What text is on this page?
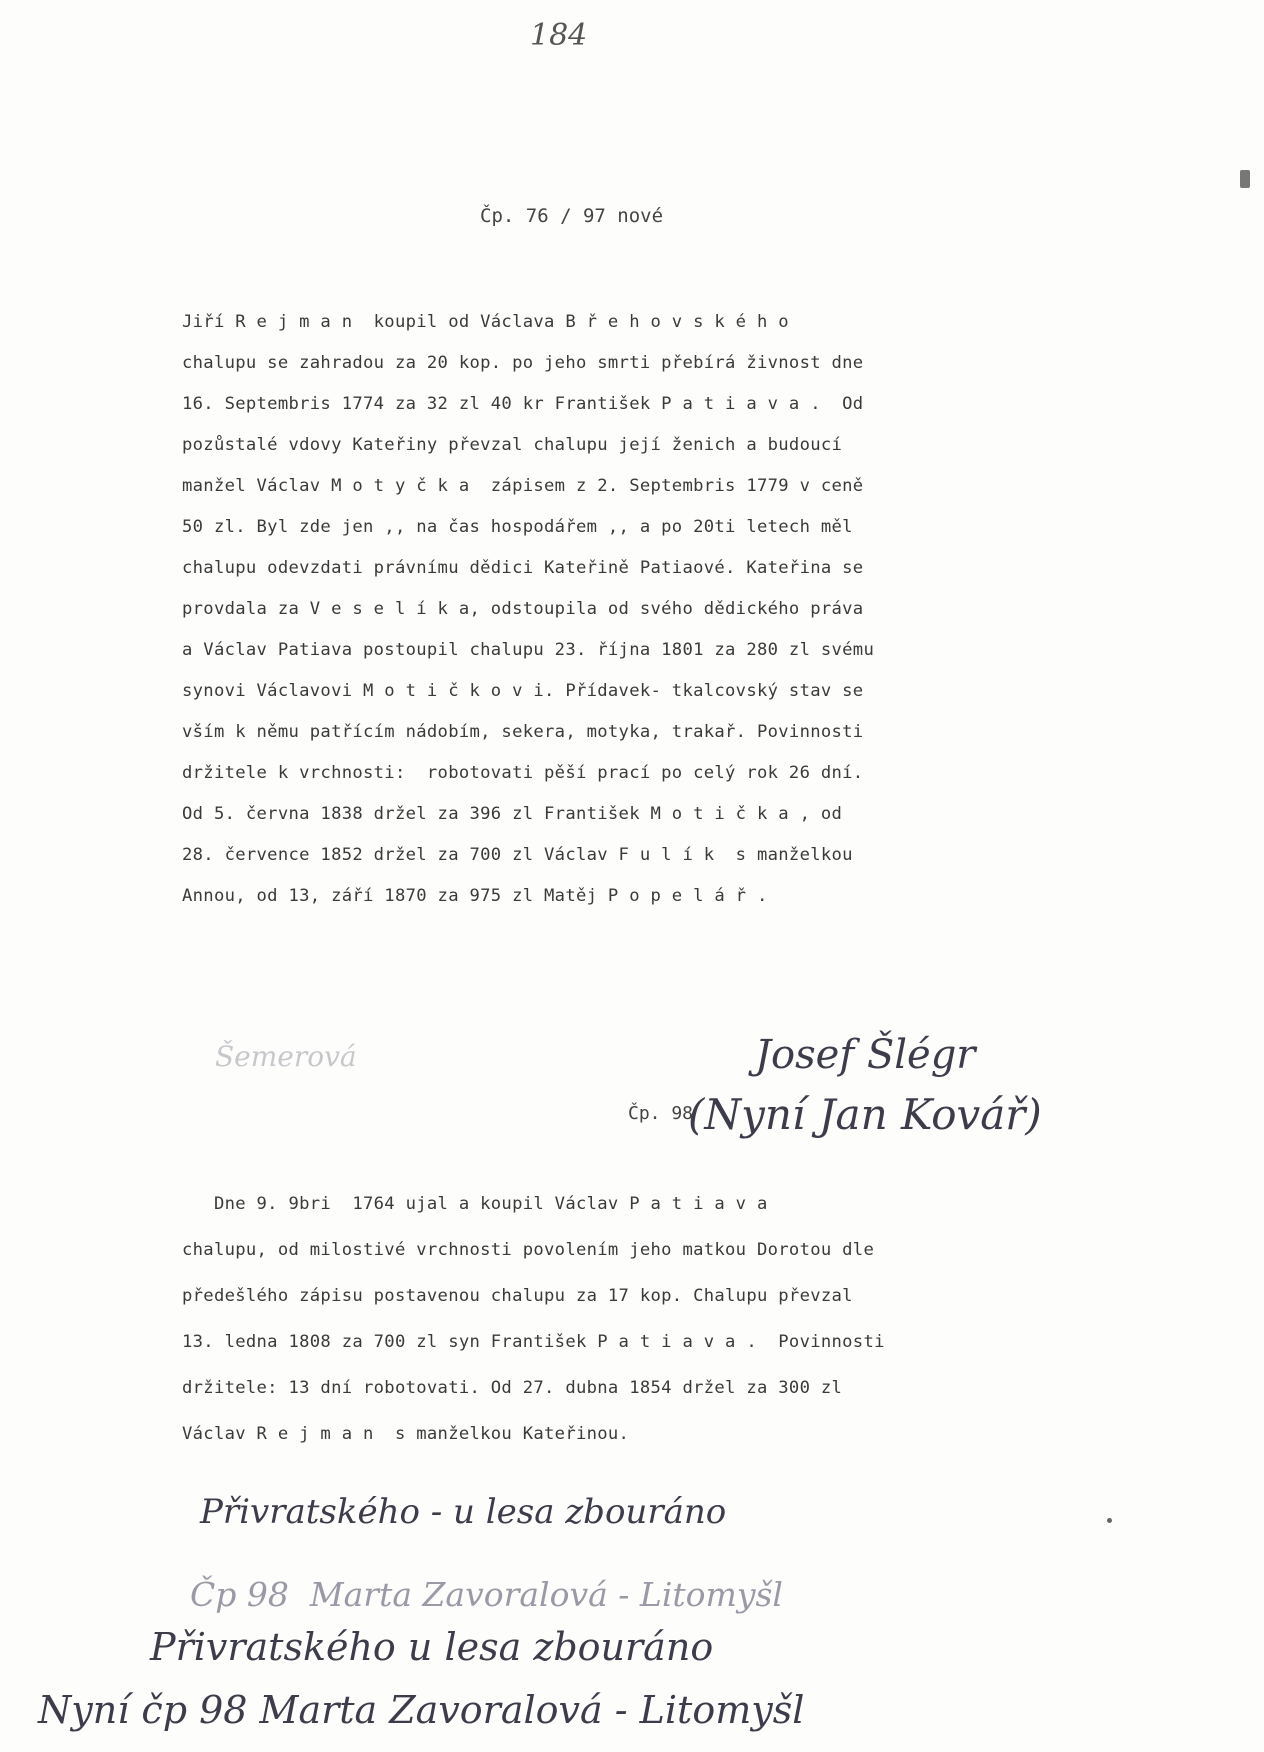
184
Čp. 76 / 97 nové
Jiří R e j m a n  koupil od Václava B ř e h o v s k é h o
chalupu se zahradou za 20 kop. po jeho smrti přebírá živnost dne
16. Septembris 1774 za 32 zl 40 kr František P a t i a v a .  Od
pozůstalé vdovy Kateřiny převzal chalupu její ženich a budoucí
manžel Václav M o t y č k a  zápisem z 2. Septembris 1779 v ceně
50 zl. Byl zde jen ,, na čas hospodářem ,, a po 20ti letech měl
chalupu odevzdati právnímu dědici Kateřině Patiaové. Kateřina se
provdala za V e s e l í k a, odstoupila od svého dědického práva
a Václav Patiava postoupil chalupu 23. října 1801 za 280 zl svému
synovi Václavovi M o t i č k o v i. Přídavek- tkalcovský stav se
vším k němu patřícím nádobím, sekera, motyka, trakař. Povinnosti
držitele k vrchnosti:  robotovati pěší prací po celý rok 26 dní.
Od 5. června 1838 držel za 396 zl František M o t i č k a , od
28. července 1852 držel za 700 zl Václav F u l í k  s manželkou
Annou, od 13, září 1870 za 975 zl Matěj P o p e l á ř .
Šemerová	Josef Šlégr
Čp. 98
(Nyní Jan Kovář)
Dne 9. 9bri  1764 ujal a koupil Václav P a t i a v a
chalupu, od milostivé vrchnosti povolením jeho matkou Dorotou dle
předešlého zápisu postavenou chalupu za 17 kop. Chalupu převzal
13. ledna 1808 za 700 zl syn František P a t i a v a .  Povinnosti
držitele: 13 dní robotovati. Od 27. dubna 1854 držel za 300 zl
Václav R e j m a n  s manželkou Kateřinou.
Přivratského - u lesa zbouráno
Čp 98  Marta Zavoralová - Litomyšl
Přivratského u lesa zbouráno
Nyní čp 98 Marta Zavoralová - Litomyšl
